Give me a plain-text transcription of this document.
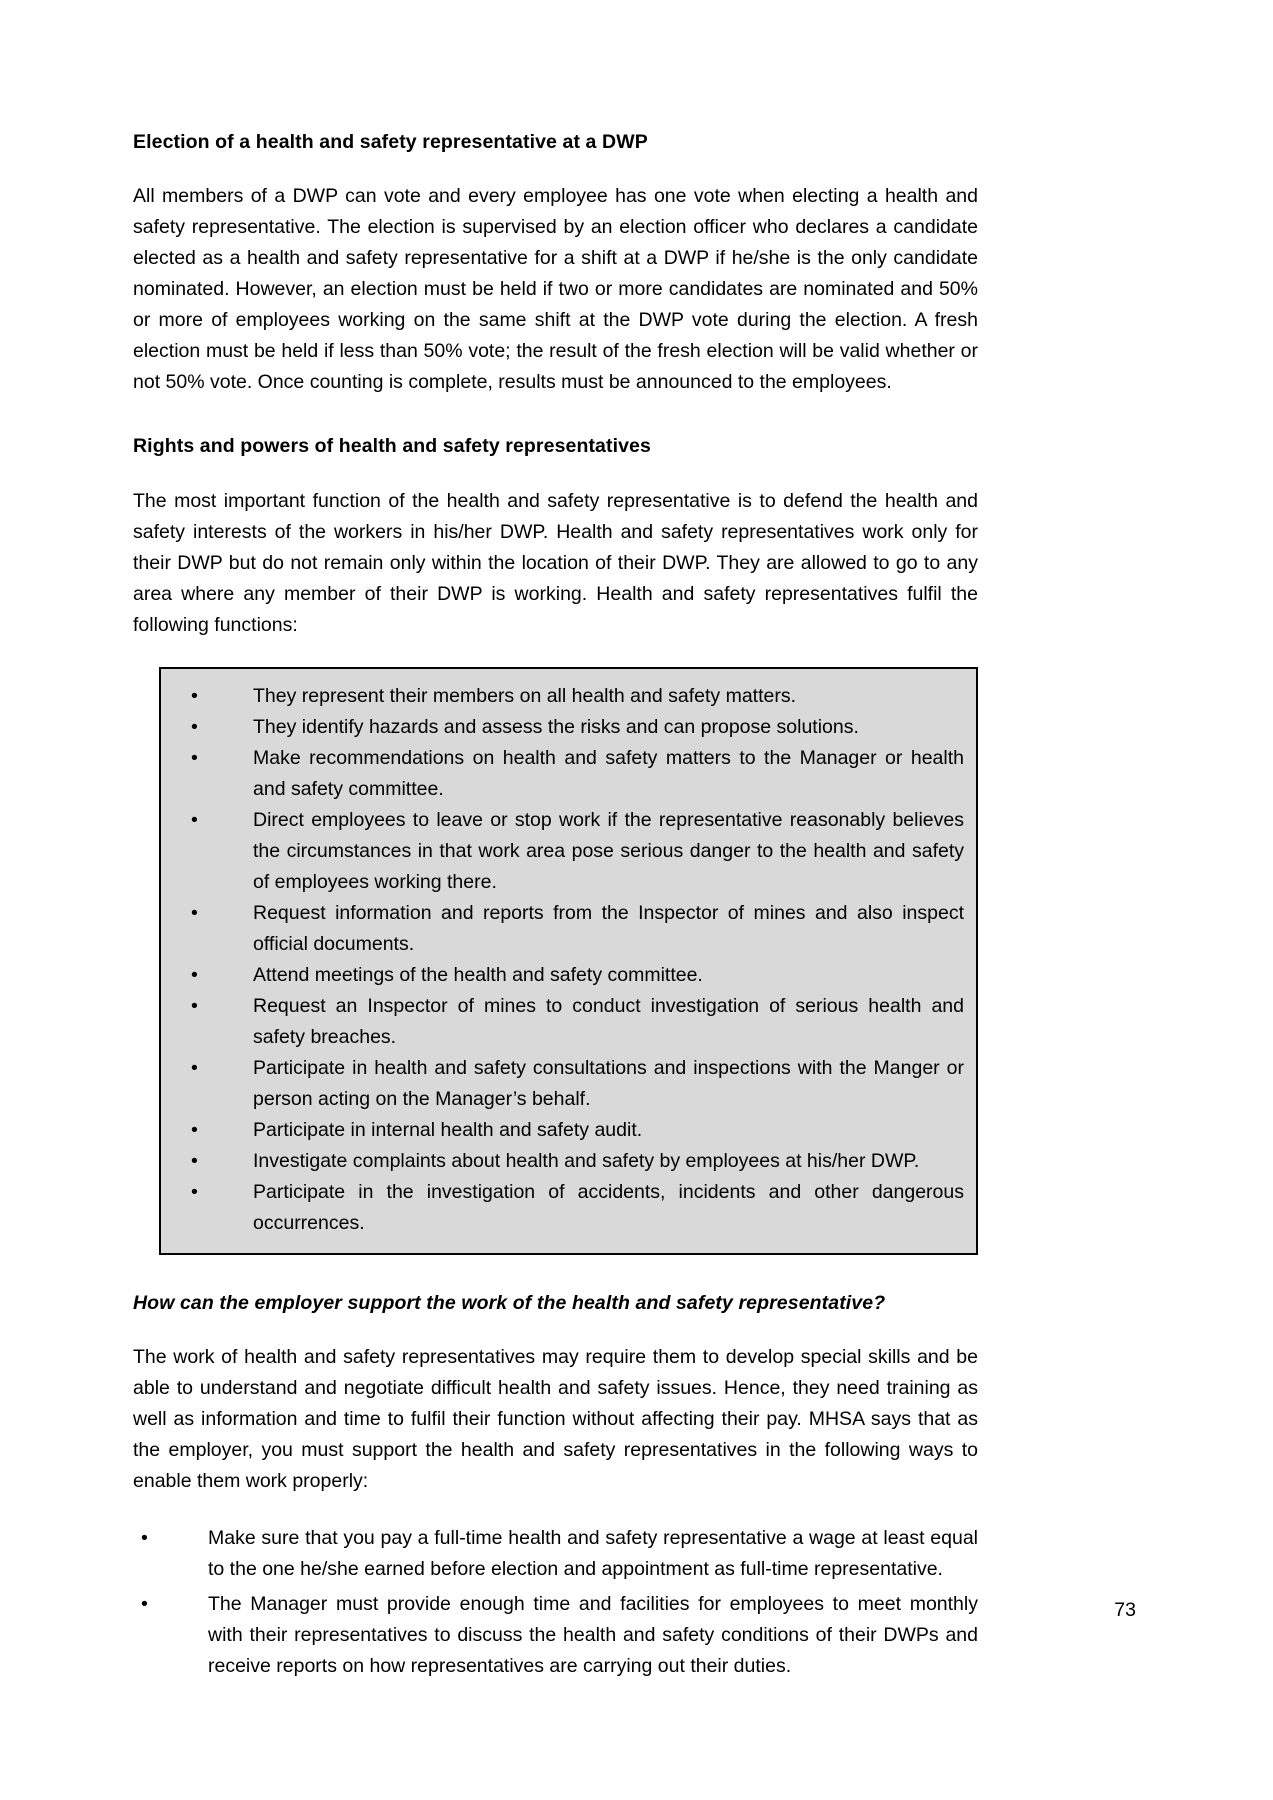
Election of a health and safety representative at a DWP

All members of a DWP can vote and every employee has one vote when electing a health and safety representative. The election is supervised by an election officer who declares a candidate elected as a health and safety representative for a shift at a DWP if he/she is the only candidate nominated. However, an election must be held if two or more candidates are nominated and 50% or more of employees working on the same shift at the DWP vote during the election. A fresh election must be held if less than 50% vote; the result of the fresh election will be valid whether or not 50% vote. Once counting is complete, results must be announced to the employees.

Rights and powers of health and safety representatives

The most important function of the health and safety representative is to defend the health and safety interests of the workers in his/her DWP. Health and safety representatives work only for their DWP but do not remain only within the location of their DWP. They are allowed to go to any area where any member of their DWP is working. Health and safety representatives fulfil the following functions:

•	They represent their members on all health and safety matters.
•	They identify hazards and assess the risks and can propose solutions.
•	Make recommendations on health and safety matters to the Manager or health and safety committee.
•	Direct employees to leave or stop work if the representative reasonably believes the circumstances in that work area pose serious danger to the health and safety of employees working there.
•	Request information and reports from the Inspector of mines and also inspect official documents.
•	Attend meetings of the health and safety committee.
•	Request an Inspector of mines to conduct investigation of serious health and safety breaches.
•	Participate in health and safety consultations and inspections with the Manger or person acting on the Manager’s behalf.
•	Participate in internal health and safety audit.
•	Investigate complaints about health and safety by employees at his/her DWP.
•	Participate in the investigation of accidents, incidents and other dangerous occurrences.
How can the employer support the work of the health and safety representative?

The work of health and safety representatives may require them to develop special skills and be able to understand and negotiate difficult health and safety issues. Hence, they need training as well as information and time to fulfil their function without affecting their pay. MHSA says that as the employer, you must support the health and safety representatives in the following ways to enable them work properly:

•	Make sure that you pay a full-time health and safety representative a wage at least equal to the one he/she earned before election and appointment as full-time representative.
•	The Manager must provide enough time and facilities for employees to meet monthly with their representatives to discuss the health and safety conditions of their DWPs and receive reports on how representatives are carrying out their duties.
73
